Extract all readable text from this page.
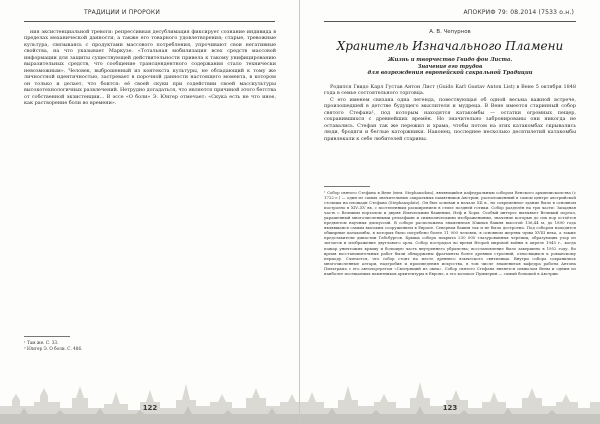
ТРАДИЦИИ И ПРОРОКИ

ния эксистенциальной тревоги: репрессивная десублимация фиксирует сознание индивида в пределах механической данности, а также его товарного удовлетворения; старые, тревожные культура, связываясь с продуктами массового потребления, упрочивают свои негативные свойства, на что указывает Маркузе. «Тотальная мобилизация всех средств массовой информации для защиты существующей действительности привела к такому унифицированию выразительных средств, что сообщение трансцендентного содержания стало технически невозможным». Человек, выброшенный из контекста культуры, не обладающий к тому же личностной идентичностью, застревает в порочной данности настоящего момента, в котором он только и делает, что боится: её своей скуки при содействии своей масскультуры высокотехнологичных развлечений. Нетрудно догадаться, что является причиной этого бегства от собственной экзистенции... В эссе «О боли» Э. Юнгер отмечает: «Скука есть не что иное, как растворение боли во времени».

¹ Там же. С. 33.
² Юнгер Э. О боли. С. 486.
122
АПОКРИФ 79: 08.2014 (7533 о.н.)
А. В. Чепурнов
Хранитель Изначального Пламени
Жизнь и творчество Гвидо фон Листа.
Значение его трудов
для возрождения европейской сакральной Традиции

Родился Гвидо Карл Густав Антон Лист (Guido Karl Gustav Anton List) в Вене 5 октября 1848 года в семье состоятельного торговца.

С его именем связана одна легенда, повествующая об одной весьма важной встрече, произошедшей в детстве будущего мыслителя и мудреца. В Вене имеется старинный собор святого Стефана¹, под которым находятся катакомбы — остатки огромных пещер, сохранившихся с древнейших времён. Но значительно забронированы они никогда не оставались. Стефан так же пережил и храма, чтобы потом на этих катакомбах скрывались люди, бродяги и беглые каторжники. Наконец, последнее несколько десятилетий катакомбы привлекали к себе любителей старины.

¹ Собор святого Стефана в Вене (нем. Stephansdom), являющийся кафедральным собором Венского архиепископства (с 1722 г.) — один из самых значительных сакральных памятников Австрии, расположенный в самом центре австрийской столицы на площади Стефана (Stephansplatz). Он был основан в начале XII в., но современное здание было в основном построено в XIV–XV вв. с постепенным расширением в стиле поздней готики. Собор разделён на три части: Западная часть с Великим порталом и двумя Языческими башнями, Неф и Хоры. Особый интерес вызывает Великий портал, украшенный многочисленными рельефами и символическими изображениями, значение которых до сих пор остаётся предметом научных дискуссий. В соборе расположена знаменитая Южная башня высотой 136,44 м, до 1890 года являвшаяся самым высоким сооружением в Европе. Северная башня так и не была достроена. Под собором находятся обширные катакомбы, в которых было погребено более 11 000 человек, в основном жертвы чумы XVIII века, а также представители династии Габсбургов. Крыша собора покрыта 230 000 глазурованных черепиц, образующих узор из зигзагов и изображение двуглавого орла. Собор пострадал во время Второй мировой войны в апреле 1945 г., когда пожар уничтожил крышу и большую часть внутреннего убранства; восстановление было завершено в 1952 году. Во время восстановительных работ были обнаружены фрагменты более древних строений, относящихся к романскому периоду. Считается, что собор стоит на месте древнего языческого святилища. Внутри собора сохранились многочисленные алтари, надгробия и произведения искусства, в том числе знаменитая кафедра работы Антона Пильграма с его автопортретом «Смотрящий из окна». Собор святого Стефана является символом Вены и одним из наиболее посещаемых памятников архитектуры в Европе, а его колокол Пуммерин — самый большой в Австрии.
123
